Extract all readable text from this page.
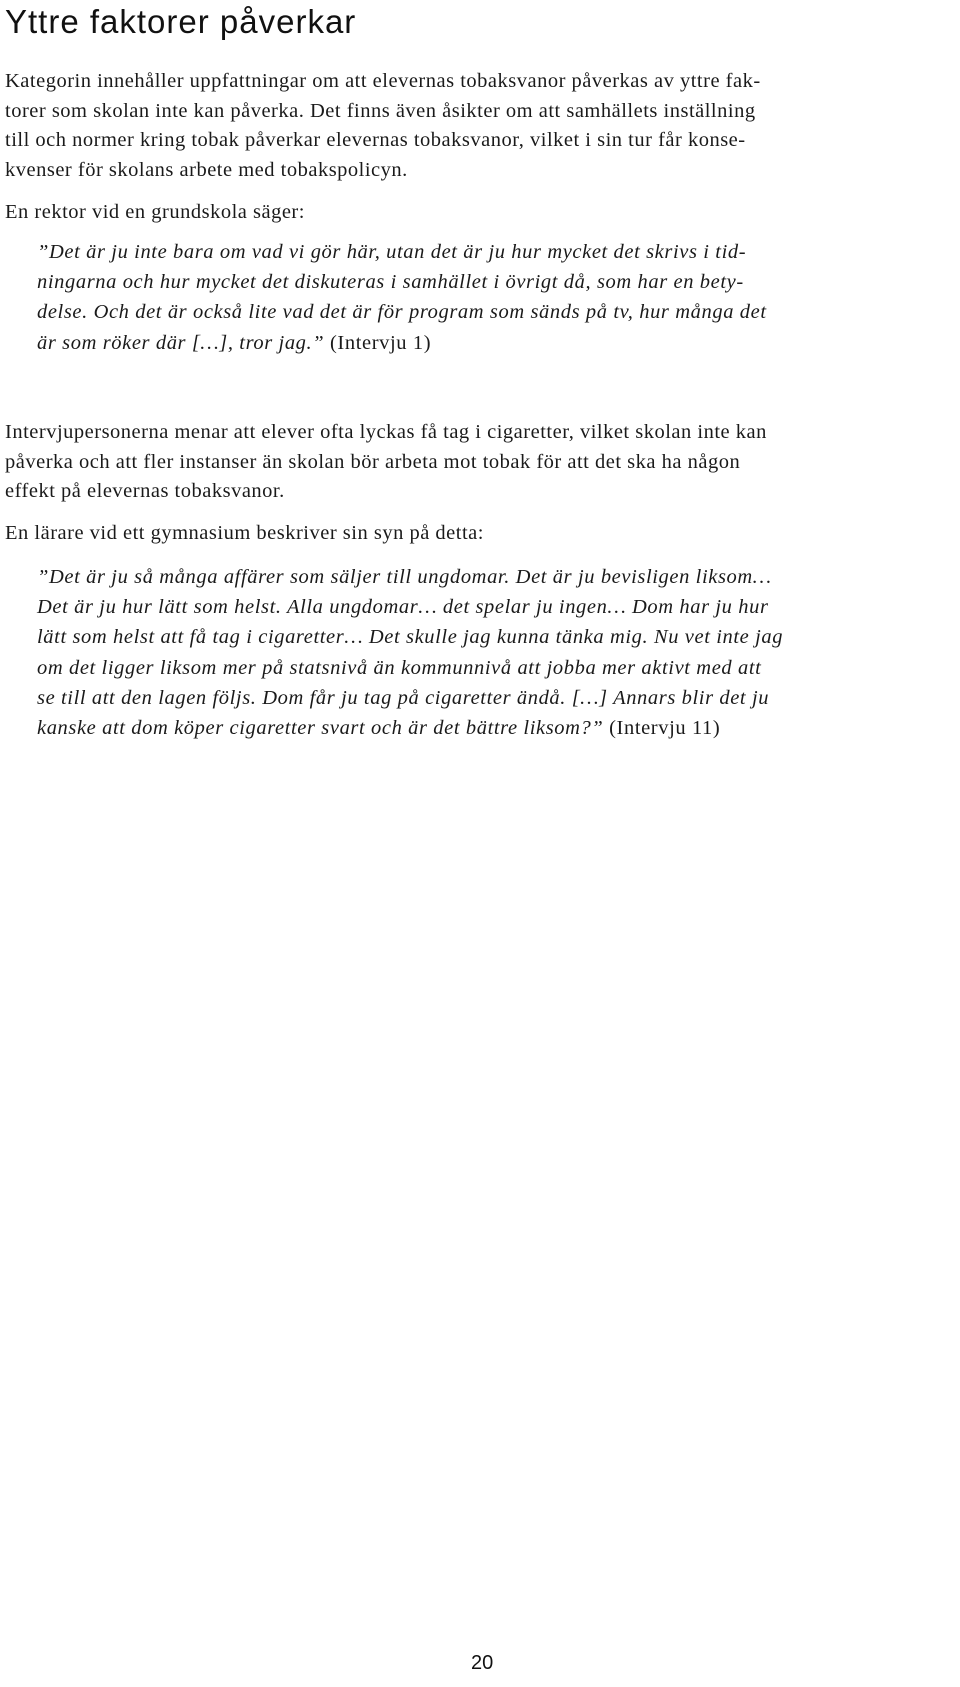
Yttre faktorer påverkar
Kategorin innehåller uppfattningar om att elevernas tobaksvanor påverkas av yttre fak-
torer som skolan inte kan påverka. Det finns även åsikter om att samhällets inställning
till och normer kring tobak påverkar elevernas tobaksvanor, vilket i sin tur får konse-
kvenser för skolans arbete med tobakspolicyn.
En rektor vid en grundskola säger:
”Det är ju inte bara om vad vi gör här, utan det är ju hur mycket det skrivs i tid-
ningarna och hur mycket det diskuteras i samhället i övrigt då, som har en bety-
delse. Och det är också lite vad det är för program som sänds på tv, hur många det
är som röker där […], tror jag.” (Intervju 1)
Intervjupersonerna menar att elever ofta lyckas få tag i cigaretter, vilket skolan inte kan
påverka och att fler instanser än skolan bör arbeta mot tobak för att det ska ha någon
effekt på elevernas tobaksvanor.
En lärare vid ett gymnasium beskriver sin syn på detta:
”Det är ju så många affärer som säljer till ungdomar. Det är ju bevisligen liksom…
Det är ju hur lätt som helst. Alla ungdomar… det spelar ju ingen… Dom har ju hur
lätt som helst att få tag i cigaretter… Det skulle jag kunna tänka mig. Nu vet inte jag
om det ligger liksom mer på statsnivå än kommunnivå att jobba mer aktivt med att
se till att den lagen följs. Dom får ju tag på cigaretter ändå. […] Annars blir det ju
kanske att dom köper cigaretter svart och är det bättre liksom?” (Intervju 11)
20
